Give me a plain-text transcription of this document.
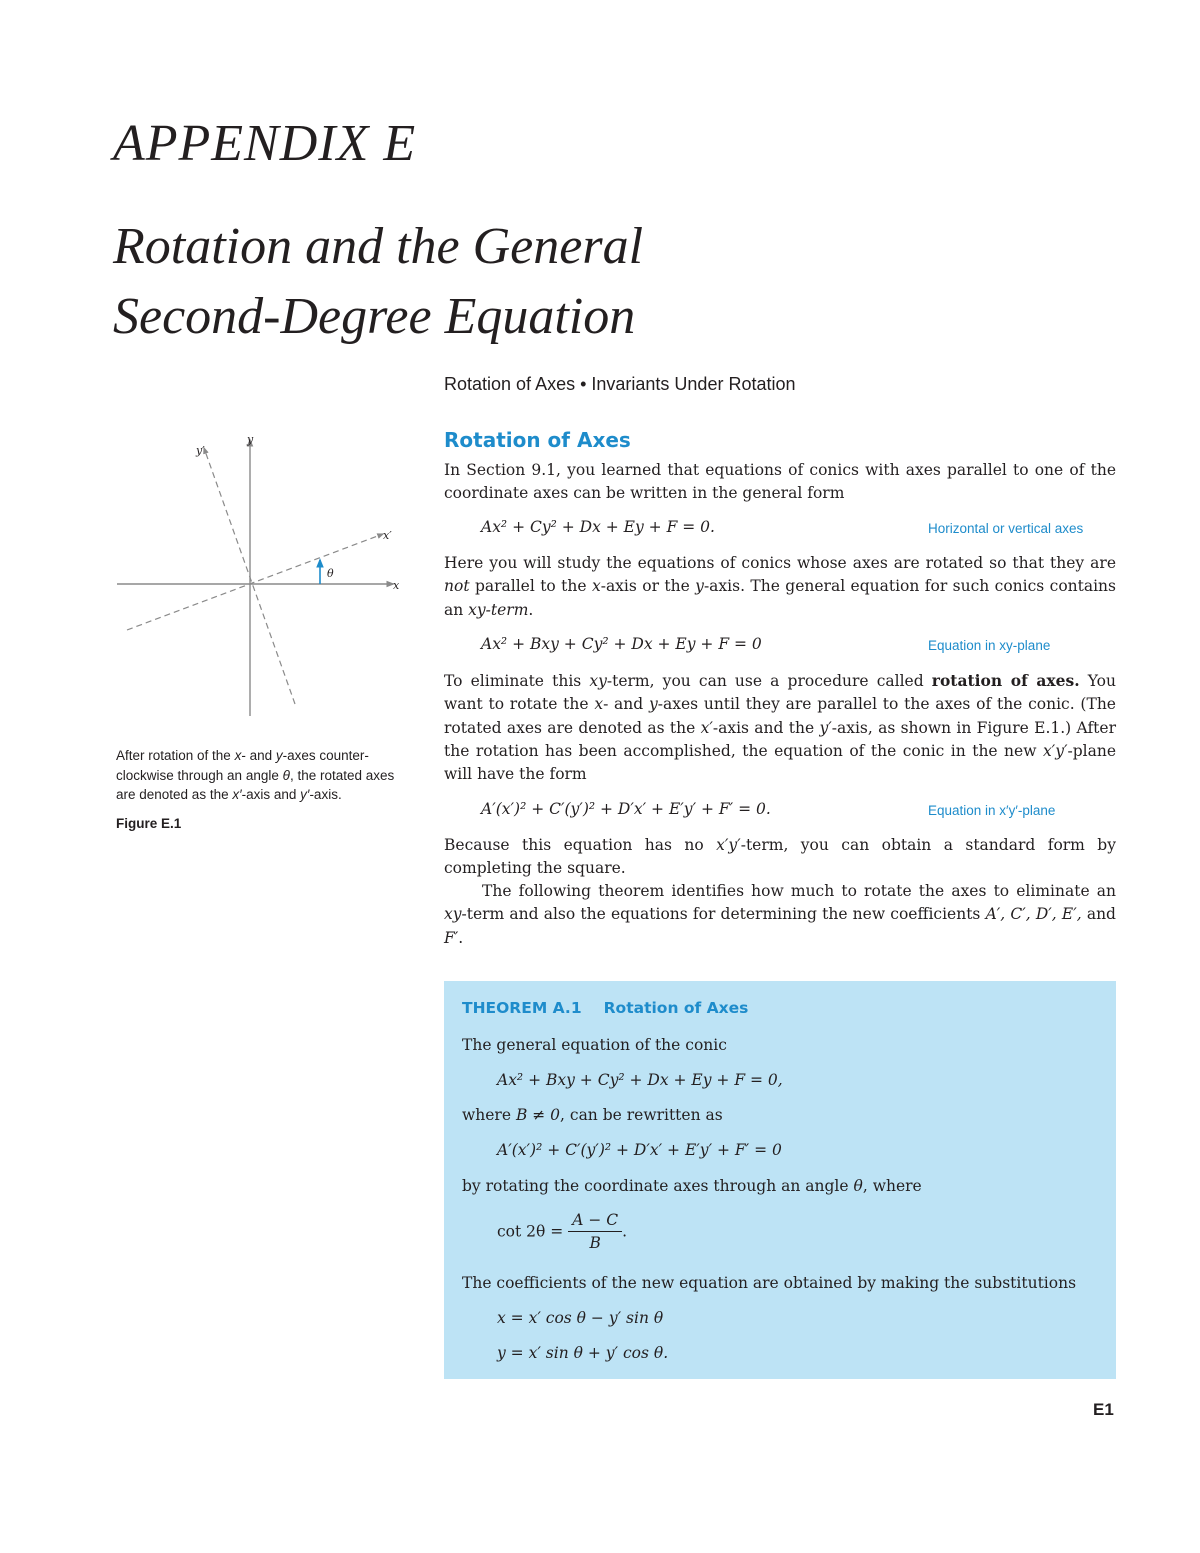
APPENDIX E
Rotation and the General
Second-Degree Equation
Rotation of Axes • Invariants Under Rotation
θ
y′
y
x′
x
After rotation of the x- and y-axes counter-clockwise through an angle θ, the rotated axes are denoted as the x′-axis and y′-axis.
Figure E.1
Rotation of Axes

In Section 9.1, you learned that equations of conics with axes parallel to one of the coordinate axes can be written in the general form

Ax² + Cy² + Dx + Ey + F = 0.	Horizontal or vertical axes

Here you will study the equations of conics whose axes are rotated so that they are not parallel to the x-axis or the y-axis. The general equation for such conics contains an xy-term.

Ax² + Bxy + Cy² + Dx + Ey + F = 0	Equation in xy-plane

To eliminate this xy-term, you can use a procedure called rotation of axes. You want to rotate the x- and y-axes until they are parallel to the axes of the conic. (The rotated axes are denoted as the x′-axis and the y′-axis, as shown in Figure E.1.) After the rotation has been accomplished, the equation of the conic in the new x′y′-plane will have the form

A′(x′)² + C′(y′)² + D′x′ + E′y′ + F′ = 0.	Equation in x′y′-plane

Because this equation has no x′y′-term, you can obtain a standard form by completing the square.

The following theorem identifies how much to rotate the axes to eliminate an xy-term and also the equations for determining the new coefficients A′, C′, D′, E′, and F′.

THEOREM A.1 Rotation of Axes
The general equation of the conic
Ax² + Bxy + Cy² + Dx + Ey + F = 0,
where B ≠ 0, can be rewritten as
A′(x′)² + C′(y′)² + D′x′ + E′y′ + F′ = 0
by rotating the coordinate axes through an angle θ, where
$\cot 2\theta = \frac{A - C}{B}$ .
The coefficients of the new equation are obtained by making the substitutions
x = x′ cos θ − y′ sin θ
y = x′ sin θ + y′ cos θ.
E1
